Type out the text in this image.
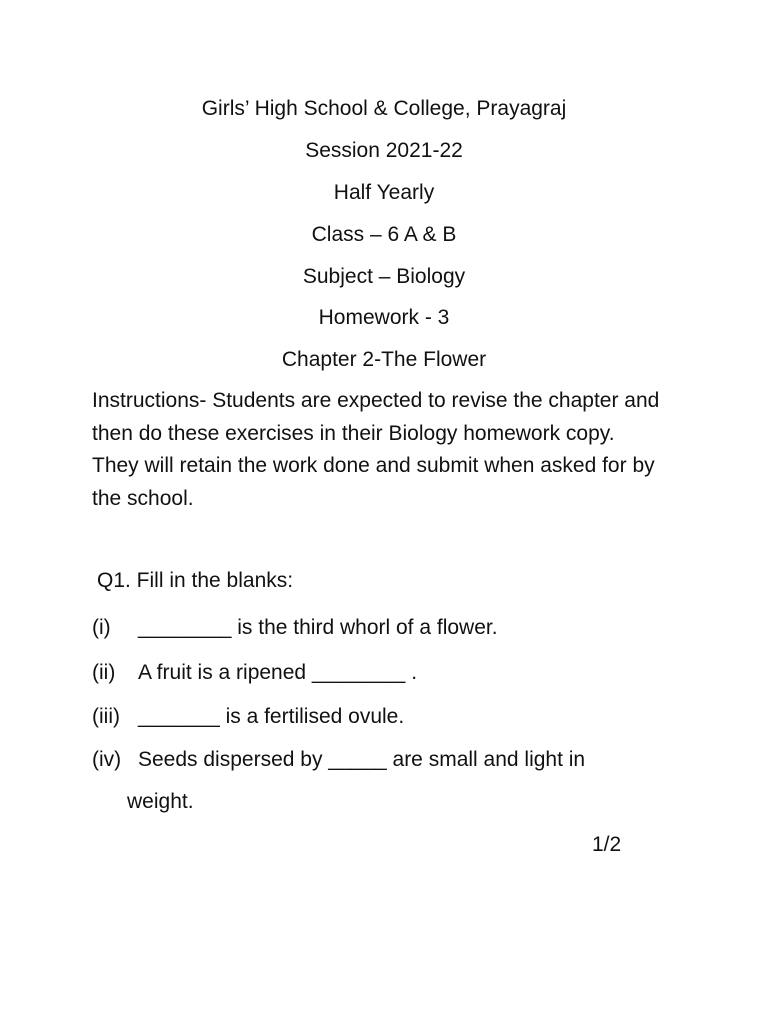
Girls’ High School & College, Prayagraj
Session 2021-22
Half Yearly
Class – 6 A & B
Subject – Biology
Homework - 3
Chapter 2-The Flower
Instructions- Students are expected to revise the chapter and then do these exercises in their Biology homework copy. They will retain the work done and submit when asked for by the school.
Q1. Fill in the blanks:
(i) ________ is the third whorl of a flower.
(ii) A fruit is a ripened ________ .
(iii) _______ is a fertilised ovule.
(iv) Seeds dispersed by _____ are small and light in
weight.
1/2
